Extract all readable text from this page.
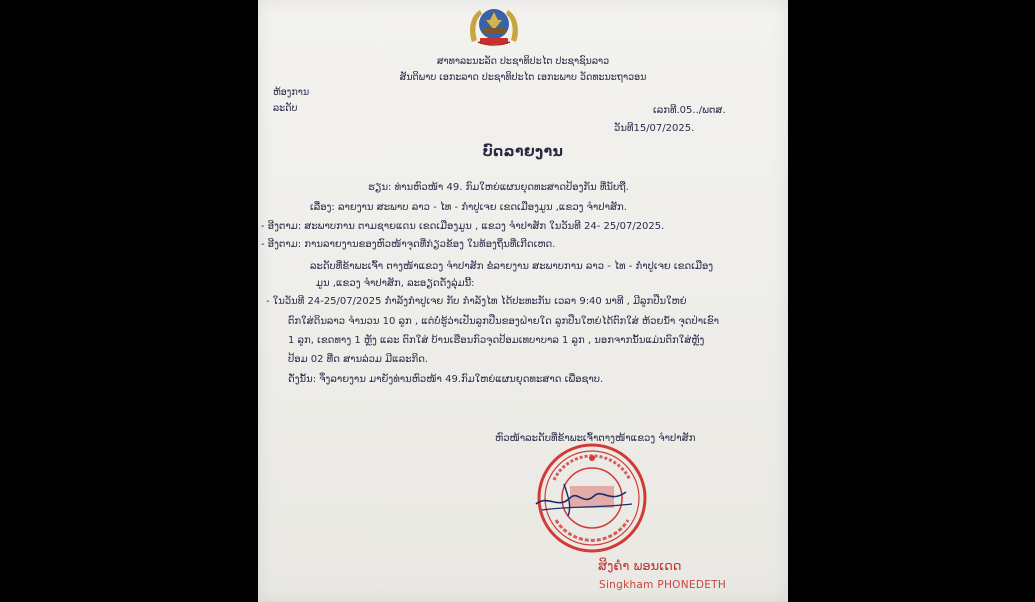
ສາທາລະນະລັດ ປະຊາທິປະໄຕ ປະຊາຊົນລາວ
ສັນຕິພາບ ເອກະລາດ ປະຊາທິປະໄຕ ເອກະພາບ ວັດທະນະຖາວອນ
ຫ້ອງການ
ລະດັບ	ເລກທີ.05../ພຕສ.
ວັນທີ15/07/2025.
ບົດລາຍງານ
ຮຽນ: ທ່ານຫົວໜ້າ 49. ກົມໃຫຍ່ແຜນຍຸດທະສາດປ້ອງກັນ ທີ່ນັບຖື.
ເລື່ອງ: ລາຍງານ ສະພາບ ລາວ - ໄທ - ກຳປູເຈຍ ເຂດເມືອງມູນ ,ແຂວງ ຈຳປາສັກ.
- ອີງຕາມ: ສະພາບການ ຕາມຊາຍແດນ ເຂດເມືອງມູນ , ແຂວງ ຈຳປາສັກ ໃນວັນທີ 24- 25/07/2025.
- ອີງຕາມ: ການລາຍງານຂອງຫົວໜ້າຈຸດທີ່ກ່ຽວຂ້ອງ ໃນທ້ອງຖິ່ນທີ່ເກີດເຫດ.
ລະດັບທີ່ຂ້າພະເຈົ້າ ຕາງໜ້າແຂວງ ຈຳປາສັກ ຂໍລາຍງານ ສະພາບການ ລາວ - ໄທ - ກຳປູເຈຍ ເຂດເມືອງ
ມູນ ,ແຂວງ ຈຳປາສັກ, ລະອຽດດັ່ງລຸ່ມນີ້:
- ໃນວັນທີ 24-25/07/2025 ກຳລັງກຳປູເຈຍ ກັບ ກຳລັງໄທ ໄດ້ປະທະກັນ ເວລາ 9:40 ນາທີ , ມີລູກປືນໃຫຍ່
ຕົກໃສ່ດິນລາວ ຈຳນວນ 10 ລູກ , ແຕ່ບໍ່ຮູ້ວ່າເປັນລູກປືນຂອງຝ່າຍໃດ ລູກປືນໃຫຍ່ໄດ້ຕົກໃສ່ ຫ້ວຍນ້ຳ ຈຸດປ່າເຂົາ
1 ລູກ, ເຂດທາງ 1 ຫຼັງ ແລະ ຕົກໃສ່ ບ້ານເຮືອນກົວຈຸດປ້ອມເທບາບາລ 1 ລູກ , ນອກຈາກນັ້ນແມ່ນຕົກໃສ່ຫຼັງ
ປ້ອມ 02 ທີ່ດ ສານລ່ວມ ມີແລະກິດ.
ດັ່ງນັ້ນ: ຈຶ່ງລາຍງານ ມາຍັງທ່ານຫົວໜ້າ 49.ກົມໃຫຍ່ແຜນຍຸດທະສາດ ເພື່ອຊາບ.
ຫົວໜ້າລະດັບທີ່ຂ້າພະເຈົ້າຕາງໜ້າແຂວງ ຈຳປາສັກ
ສິງຄຳ ພອນເດດ
Singkham PHONEDETH
